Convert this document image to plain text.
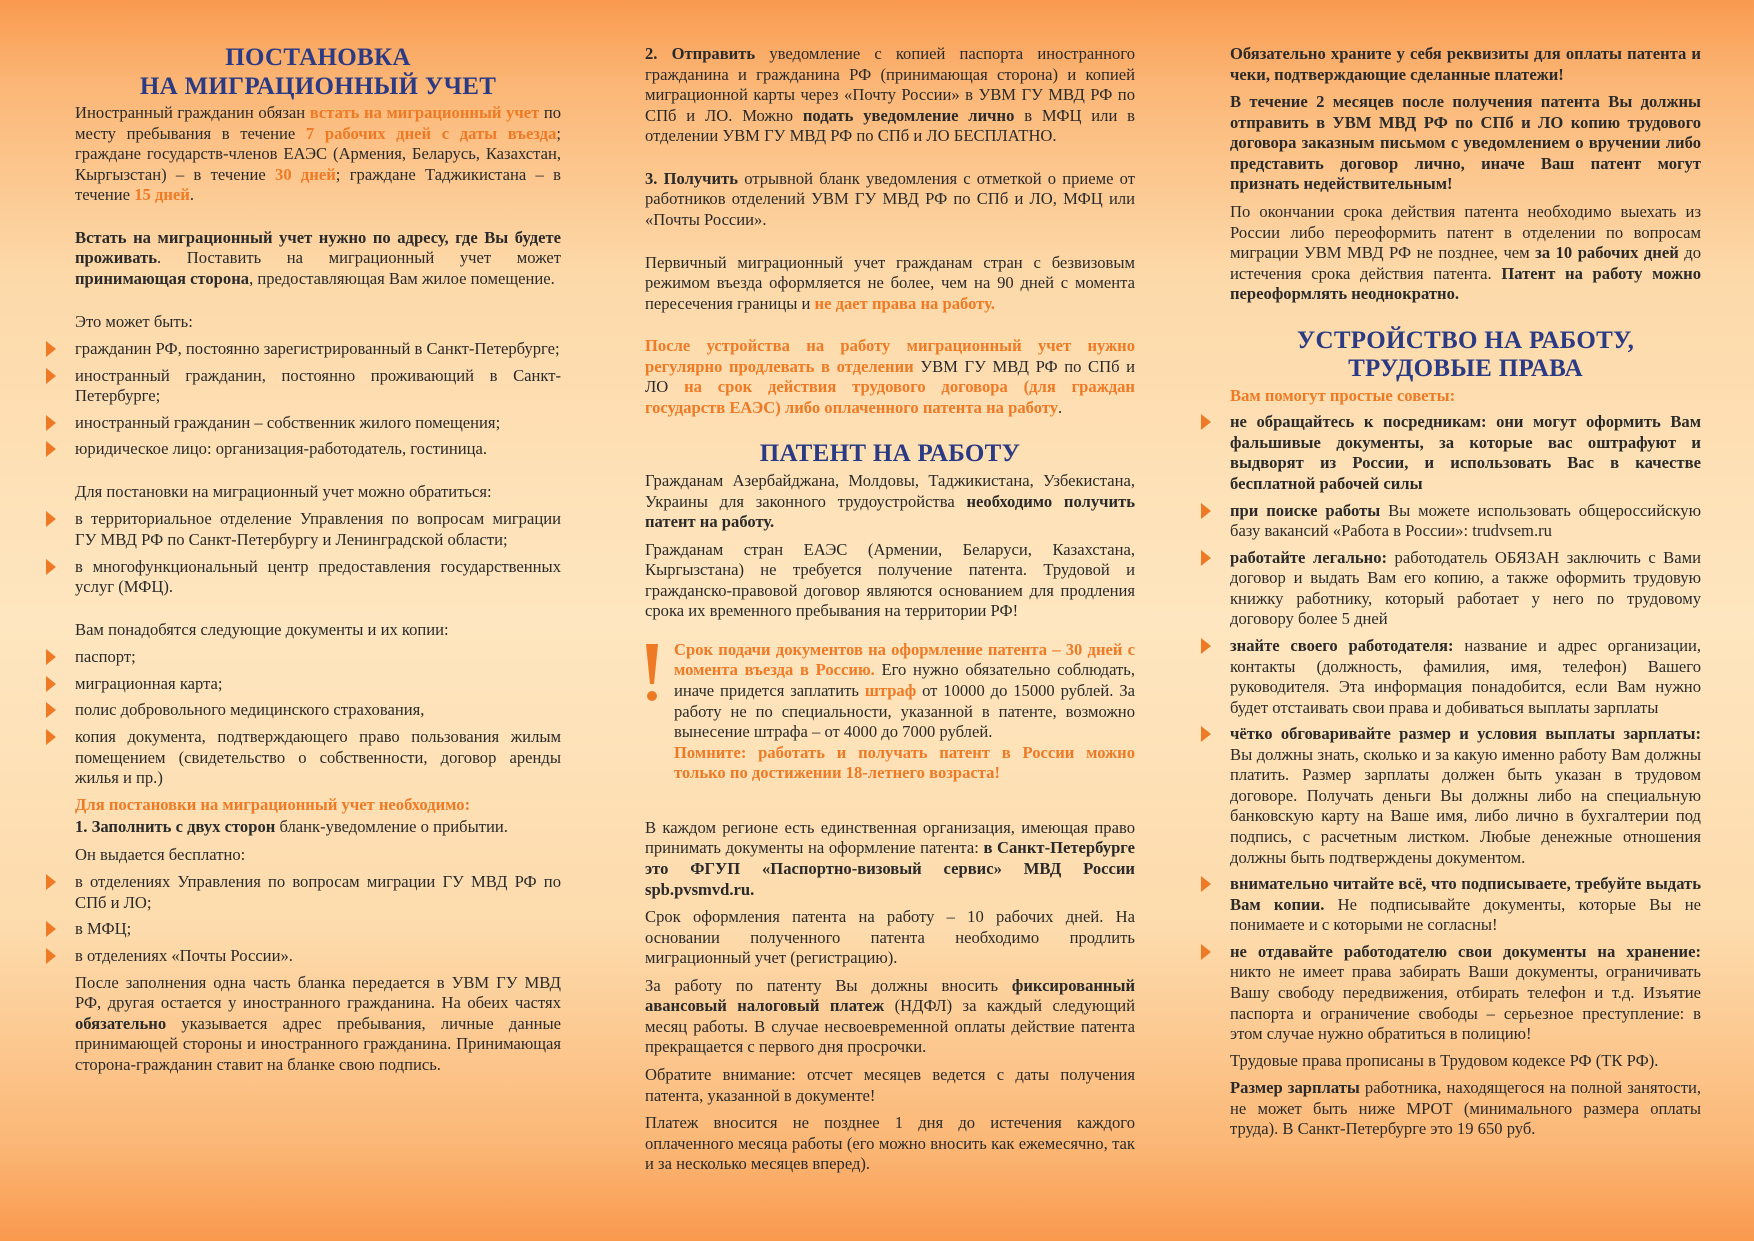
ПОСТАНОВКА
НА МИГРАЦИОННЫЙ УЧЕТ

Иностранный гражданин обязан встать на миграционный учет по месту пребывания в течение 7 рабочих дней с даты въезда; граждане государств-членов ЕАЭС (Армения, Беларусь, Казахстан, Кыргызстан) – в течение 30 дней; граждане Таджикистана – в течение 15 дней.

Встать на миграционный учет нужно по адресу, где Вы будете проживать. Поставить на миграционный учет может принимающая сторона, предоставляющая Вам жилое помещение.

Это может быть:

гражданин РФ, постоянно зарегистрированный в Санкт-Петербурге;
иностранный гражданин, постоянно проживающий в Санкт-Петербурге;
иностранный гражданин – собственник жилого помещения;
юридическое лицо: организация-работодатель, гостиница.

Для постановки на миграционный учет можно обратиться:

в территориальное отделение Управления по вопросам миграции ГУ МВД РФ по Санкт-Петербургу и Ленинградской области;
в многофункциональный центр предоставления государственных услуг (МФЦ).

Вам понадобятся следующие документы и их копии:

паспорт;
миграционная карта;
полис добровольного медицинского страхования,
копия документа, подтверждающего право пользования жилым помещением (свидетельство о собственности, договор аренды жилья и пр.)

Для постановки на миграционный учет необходимо:

1. Заполнить с двух сторон бланк-уведомление о прибытии.

Он выдается бесплатно:

в отделениях Управления по вопросам миграции ГУ МВД РФ по СПб и ЛО;
в МФЦ;
в отделениях «Почты России».

После заполнения одна часть бланка передается в УВМ ГУ МВД РФ, другая остается у иностранного гражданина. На обеих частях обязательно указывается адрес пребывания, личные данные принимающей стороны и иностранного гражданина. Принимающая сторона-гражданин ставит на бланке свою подпись.

2. Отправить уведомление с копией паспорта иностранного гражданина и гражданина РФ (принимающая сторона) и копией миграционной карты через «Почту России» в УВМ ГУ МВД РФ по СПб и ЛО. Можно подать уведомление лично в МФЦ или в отделении УВМ ГУ МВД РФ по СПб и ЛО БЕСПЛАТНО.

3. Получить отрывной бланк уведомления с отметкой о приеме от работников отделений УВМ ГУ МВД РФ по СПб и ЛО, МФЦ или «Почты России».

Первичный миграционный учет гражданам стран с безвизовым режимом въезда оформляется не более, чем на 90 дней с момента пересечения границы и не дает права на работу.

После устройства на работу миграционный учет нужно регулярно продлевать в отделении УВМ ГУ МВД РФ по СПб и ЛО на срок действия трудового договора (для граждан государств ЕАЭС) либо оплаченного патента на работу.

ПАТЕНТ НА РАБОТУ

Гражданам Азербайджана, Молдовы, Таджикистана, Узбекистана, Украины для законного трудоустройства необходимо получить патент на работу.

Гражданам стран ЕАЭС (Армении, Беларуси, Казахстана, Кыргызстана) не требуется получение патента. Трудовой и гражданско-правовой договор являются основанием для продления срока их временного пребывания на территории РФ!

Срок подачи документов на оформление патента – 30 дней с момента въезда в Россию. Его нужно обязательно соблюдать, иначе придется заплатить штраф от 10000 до 15000 рублей. За работу не по специальности, указанной в патенте, возможно вынесение штрафа – от 4000 до 7000 рублей.

Помните: работать и получать патент в России можно только по достижении 18-летнего возраста!

В каждом регионе есть единственная организация, имеющая право принимать документы на оформление патента: в Санкт-Петербурге это ФГУП «Паспортно-визовый сервис» МВД России spb.pvsmvd.ru.

Срок оформления патента на работу – 10 рабочих дней. На основании полученного патента необходимо продлить миграционный учет (регистрацию).

За работу по патенту Вы должны вносить фиксированный авансовый налоговый платеж (НДФЛ) за каждый следующий месяц работы. В случае несвоевременной оплаты действие патента прекращается с первого дня просрочки.

Обратите внимание: отсчет месяцев ведется с даты получения патента, указанной в документе!

Платеж вносится не позднее 1 дня до истечения каждого оплаченного месяца работы (его можно вносить как ежемесячно, так и за несколько месяцев вперед).

Обязательно храните у себя реквизиты для оплаты патента и чеки, подтверждающие сделанные платежи!

В течение 2 месяцев после получения патента Вы должны отправить в УВМ МВД РФ по СПб и ЛО копию трудового договора заказным письмом с уведомлением о вручении либо представить договор лично, иначе Ваш патент могут признать недействительным!

По окончании срока действия патента необходимо выехать из России либо переоформить патент в отделении по вопросам миграции УВМ МВД РФ не позднее, чем за 10 рабочих дней до истечения срока действия патента. Патент на работу можно переоформлять неоднократно.

УСТРОЙСТВО НА РАБОТУ,
ТРУДОВЫЕ ПРАВА

Вам помогут простые советы:

не обращайтесь к посредникам: они могут оформить Вам фальшивые документы, за которые вас оштрафуют и выдворят из России, и использовать Вас в качестве бесплатной рабочей силы
при поиске работы Вы можете использовать общероссийскую базу вакансий «Работа в России»: trudvsem.ru
работайте легально: работодатель ОБЯЗАН заключить с Вами договор и выдать Вам его копию, а также оформить трудовую книжку работнику, который работает у него по трудовому договору более 5 дней
знайте своего работодателя: название и адрес организации, контакты (должность, фамилия, имя, телефон) Вашего руководителя. Эта информация понадобится, если Вам нужно будет отстаивать свои права и добиваться выплаты зарплаты
чётко обговаривайте размер и условия выплаты зарплаты: Вы должны знать, сколько и за какую именно работу Вам должны платить. Размер зарплаты должен быть указан в трудовом договоре. Получать деньги Вы должны либо на специальную банковскую карту на Ваше имя, либо лично в бухгалтерии под подпись, с расчетным листком. Любые денежные отношения должны быть подтверждены документом.
внимательно читайте всё, что подписываете, требуйте выдать Вам копии. Не подписывайте документы, которые Вы не понимаете и с которыми не согласны!
не отдавайте работодателю свои документы на хранение: никто не имеет права забирать Ваши документы, ограничивать Вашу свободу передвижения, отбирать телефон и т.д. Изъятие паспорта и ограничение свободы – серьезное преступление: в этом случае нужно обратиться в полицию!

Трудовые права прописаны в Трудовом кодексе РФ (ТК РФ).

Размер зарплаты работника, находящегося на полной занятости, не может быть ниже МРОТ (минимального размера оплаты труда). В Санкт-Петербурге это 19 650 руб.
